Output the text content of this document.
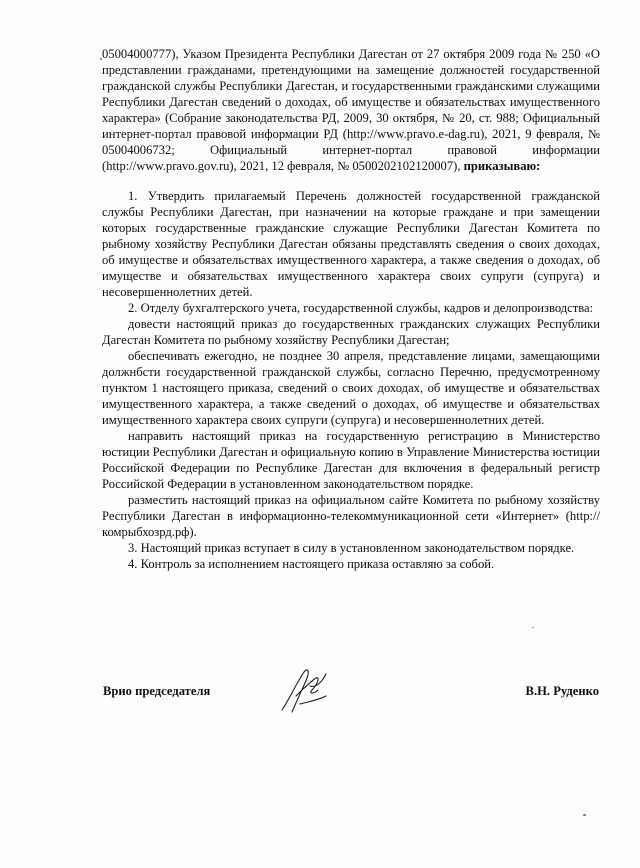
05004000777), Указом Президента Республики Дагестан от 27 октября 2009 года № 250 «О представлении гражданами, претендующими на замещение должностей государственной гражданской службы Республики Дагестан, и государственными гражданскими служащими Республики Дагестан сведений о доходах, об имуществе и обязательствах имущественного характера» (Собрание законодательства РД, 2009, 30 октября, № 20, ст. 988; Официальный интернет-портал правовой информации РД (http://www.pravo.e-dag.ru), 2021, 9 февраля, № 05004006732; Официальный интернет-портал правовой информации (http://www.pravo.gov.ru), 2021, 12 февраля, № 0500202102120007), приказываю:

1. Утвердить прилагаемый Перечень должностей государственной гражданской службы Республики Дагестан, при назначении на которые граждане и при замещении которых государственные гражданские служащие Республики Дагестан Комитета по рыбному хозяйству Республики Дагестан обязаны представлять сведения о своих доходах, об имуществе и обязательствах имущественного характера, а также сведения о доходах, об имуществе и обязательствах имущественного характера своих супруги (супруга) и несовершеннолетних детей.

2. Отделу бухгалтерского учета, государственной службы, кадров и делопроизводства:

довести настоящий приказ до государственных гражданских служащих Республики Дагестан Комитета по рыбному хозяйству Республики Дагестан;

обеспечивать ежегодно, не позднее 30 апреля, представление лицами, замещающими должнбсти государственной гражданской службы, согласно Перечню, предусмотренному пунктом 1 настоящего приказа, сведений о своих доходах, об имуществе и обязательствах имущественного характера, а также сведений о доходах, об имуществе и обязательствах имущественного характера своих супруги (супруга) и несовершеннолетних детей.

направить настоящий приказ на государственную регистрацию в Министерство юстиции Республики Дагестан и официальную копию в Управление Министерства юстиции Российской Федерации по Республике Дагестан для включения в федеральный регистр Российской Федерации в установленном законодательством порядке.

разместить настоящий приказ на официальном сайте Комитета по рыбному хозяйству Республики Дагестан в информационно-телекоммуникационной сети «Интернет» (http://комрыбхозрд.рф).

3. Настоящий приказ вступает в силу в установленном законодательством порядке.

4. Контроль за исполнением настоящего приказа оставляю за собой.

Врио председателя	В.Н. Руденко
